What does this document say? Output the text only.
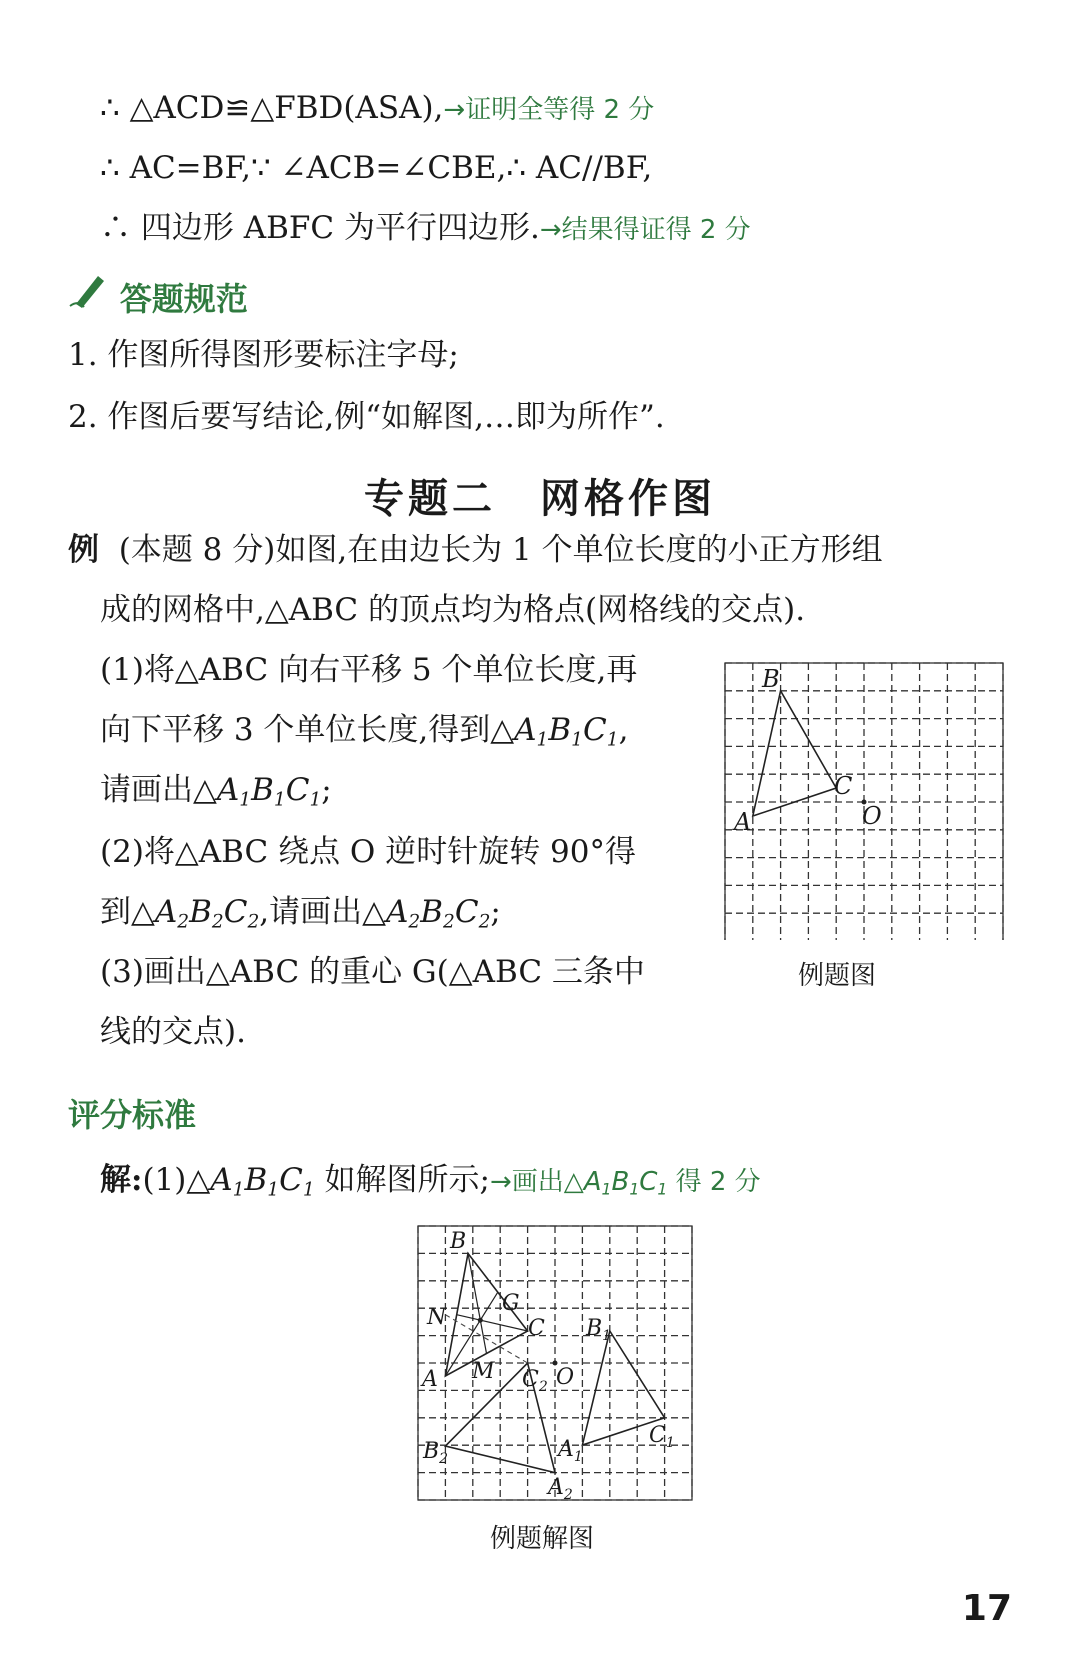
∴ △ACD≌△FBD(ASA),→证明全等得 2 分
∴ AC=BF,∵ ∠ACB=∠CBE,∴ AC//BF,
∴ 四边形 ABFC 为平行四边形.→结果得证得 2 分
答题规范
1. 作图所得图形要标注字母;
2. 作图后要写结论,例“如解图,…即为所作”.
专题二　网格作图
例 (本题 8 分)如图,在由边长为 1 个单位长度的小正方形组
成的网格中,△ABC 的顶点均为格点(网格线的交点).
(1)将△ABC 向右平移 5 个单位长度,再
向下平移 3 个单位长度,得到$\triangle A_1B_1C_1$,
请画出$\triangle A_1B_1C_1$;
(2)将△ABC 绕点 O 逆时针旋转 90°得
到$\triangle A_2B_2C_2$,请画出$\triangle A_2B_2C_2$;
(3)画出△ABC 的重心 G(△ABC 三条中
线的交点).
A
B
C
O
例题图
评分标准
解$:(1)\triangle A_1B_1C_1$ 如解图所示;→画出$\triangle A_1B_1C_1$ 得 2 分
A
B
C
G
N
M	O
$B_1$
$C_1$
$A_1$
$C_2$
$B_2$
$A_2$
例题解图
17
